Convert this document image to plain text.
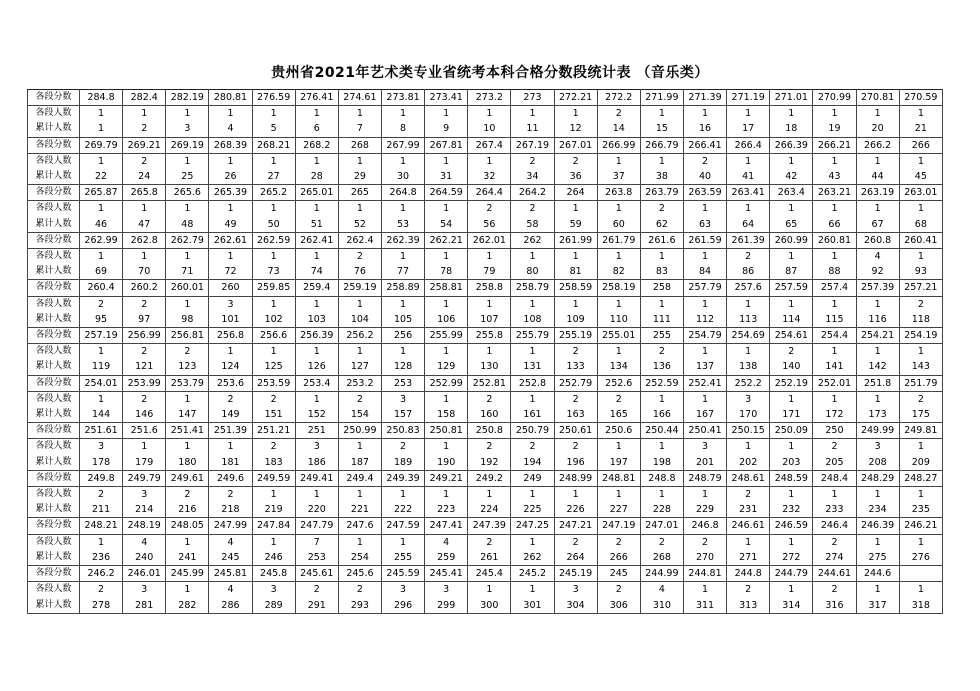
贵州省2021年艺术类专业省统考本科合格分数段统计表 （音乐类）
各段分数	284.8	282.4	282.19	280.81	276.59	276.41	274.61	273.81	273.41	273.2	273	272.21	272.2	271.99	271.39	271.19	271.01	270.99	270.81	270.59
各段人数	1	1	1	1	1	1	1	1	1	1	1	1	2	1	1	1	1	1	1	1
累计人数	1	2	3	4	5	6	7	8	9	10	11	12	14	15	16	17	18	19	20	21
各段分数	269.79	269.21	269.19	268.39	268.21	268.2	268	267.99	267.81	267.4	267.19	267.01	266.99	266.79	266.41	266.4	266.39	266.21	266.2	266
各段人数	1	2	1	1	1	1	1	1	1	1	2	2	1	1	2	1	1	1	1	1
累计人数	22	24	25	26	27	28	29	30	31	32	34	36	37	38	40	41	42	43	44	45
各段分数	265.87	265.8	265.6	265.39	265.2	265.01	265	264.8	264.59	264.4	264.2	264	263.8	263.79	263.59	263.41	263.4	263.21	263.19	263.01
各段人数	1	1	1	1	1	1	1	1	1	2	2	1	1	2	1	1	1	1	1	1
累计人数	46	47	48	49	50	51	52	53	54	56	58	59	60	62	63	64	65	66	67	68
各段分数	262.99	262.8	262.79	262.61	262.59	262.41	262.4	262.39	262.21	262.01	262	261.99	261.79	261.6	261.59	261.39	260.99	260.81	260.8	260.41
各段人数	1	1	1	1	1	1	2	1	1	1	1	1	1	1	1	2	1	1	4	1
累计人数	69	70	71	72	73	74	76	77	78	79	80	81	82	83	84	86	87	88	92	93
各段分数	260.4	260.2	260.01	260	259.85	259.4	259.19	258.89	258.81	258.8	258.79	258.59	258.19	258	257.79	257.6	257.59	257.4	257.39	257.21
各段人数	2	2	1	3	1	1	1	1	1	1	1	1	1	1	1	1	1	1	1	2
累计人数	95	97	98	101	102	103	104	105	106	107	108	109	110	111	112	113	114	115	116	118
各段分数	257.19	256.99	256.81	256.8	256.6	256.39	256.2	256	255.99	255.8	255.79	255.19	255.01	255	254.79	254.69	254.61	254.4	254.21	254.19
各段人数	1	2	2	1	1	1	1	1	1	1	1	2	1	2	1	1	2	1	1	1
累计人数	119	121	123	124	125	126	127	128	129	130	131	133	134	136	137	138	140	141	142	143
各段分数	254.01	253.99	253.79	253.6	253.59	253.4	253.2	253	252.99	252.81	252.8	252.79	252.6	252.59	252.41	252.2	252.19	252.01	251.8	251.79
各段人数	1	2	1	2	2	1	2	3	1	2	1	2	2	1	1	3	1	1	1	2
累计人数	144	146	147	149	151	152	154	157	158	160	161	163	165	166	167	170	171	172	173	175
各段分数	251.61	251.6	251.41	251.39	251.21	251	250.99	250.83	250.81	250.8	250.79	250.61	250.6	250.44	250.41	250.15	250.09	250	249.99	249.81
各段人数	3	1	1	1	2	3	1	2	1	2	2	2	1	1	3	1	1	2	3	1
累计人数	178	179	180	181	183	186	187	189	190	192	194	196	197	198	201	202	203	205	208	209
各段分数	249.8	249.79	249.61	249.6	249.59	249.41	249.4	249.39	249.21	249.2	249	248.99	248.81	248.8	248.79	248.61	248.59	248.4	248.29	248.27
各段人数	2	3	2	2	1	1	1	1	1	1	1	1	1	1	1	2	1	1	1	1
累计人数	211	214	216	218	219	220	221	222	223	224	225	226	227	228	229	231	232	233	234	235
各段分数	248.21	248.19	248.05	247.99	247.84	247.79	247.6	247.59	247.41	247.39	247.25	247.21	247.19	247.01	246.8	246.61	246.59	246.4	246.39	246.21
各段人数	1	4	1	4	1	7	1	1	4	2	1	2	2	2	2	1	1	2	1	1
累计人数	236	240	241	245	246	253	254	255	259	261	262	264	266	268	270	271	272	274	275	276
各段分数	246.2	246.01	245.99	245.81	245.8	245.61	245.6	245.59	245.41	245.4	245.2	245.19	245	244.99	244.81	244.8	244.79	244.61	244.6	
各段人数	2	3	1	4	3	2	2	3	3	1	1	3	2	4	1	2	1	2	1	1
累计人数	278	281	282	286	289	291	293	296	299	300	301	304	306	310	311	313	314	316	317	318
